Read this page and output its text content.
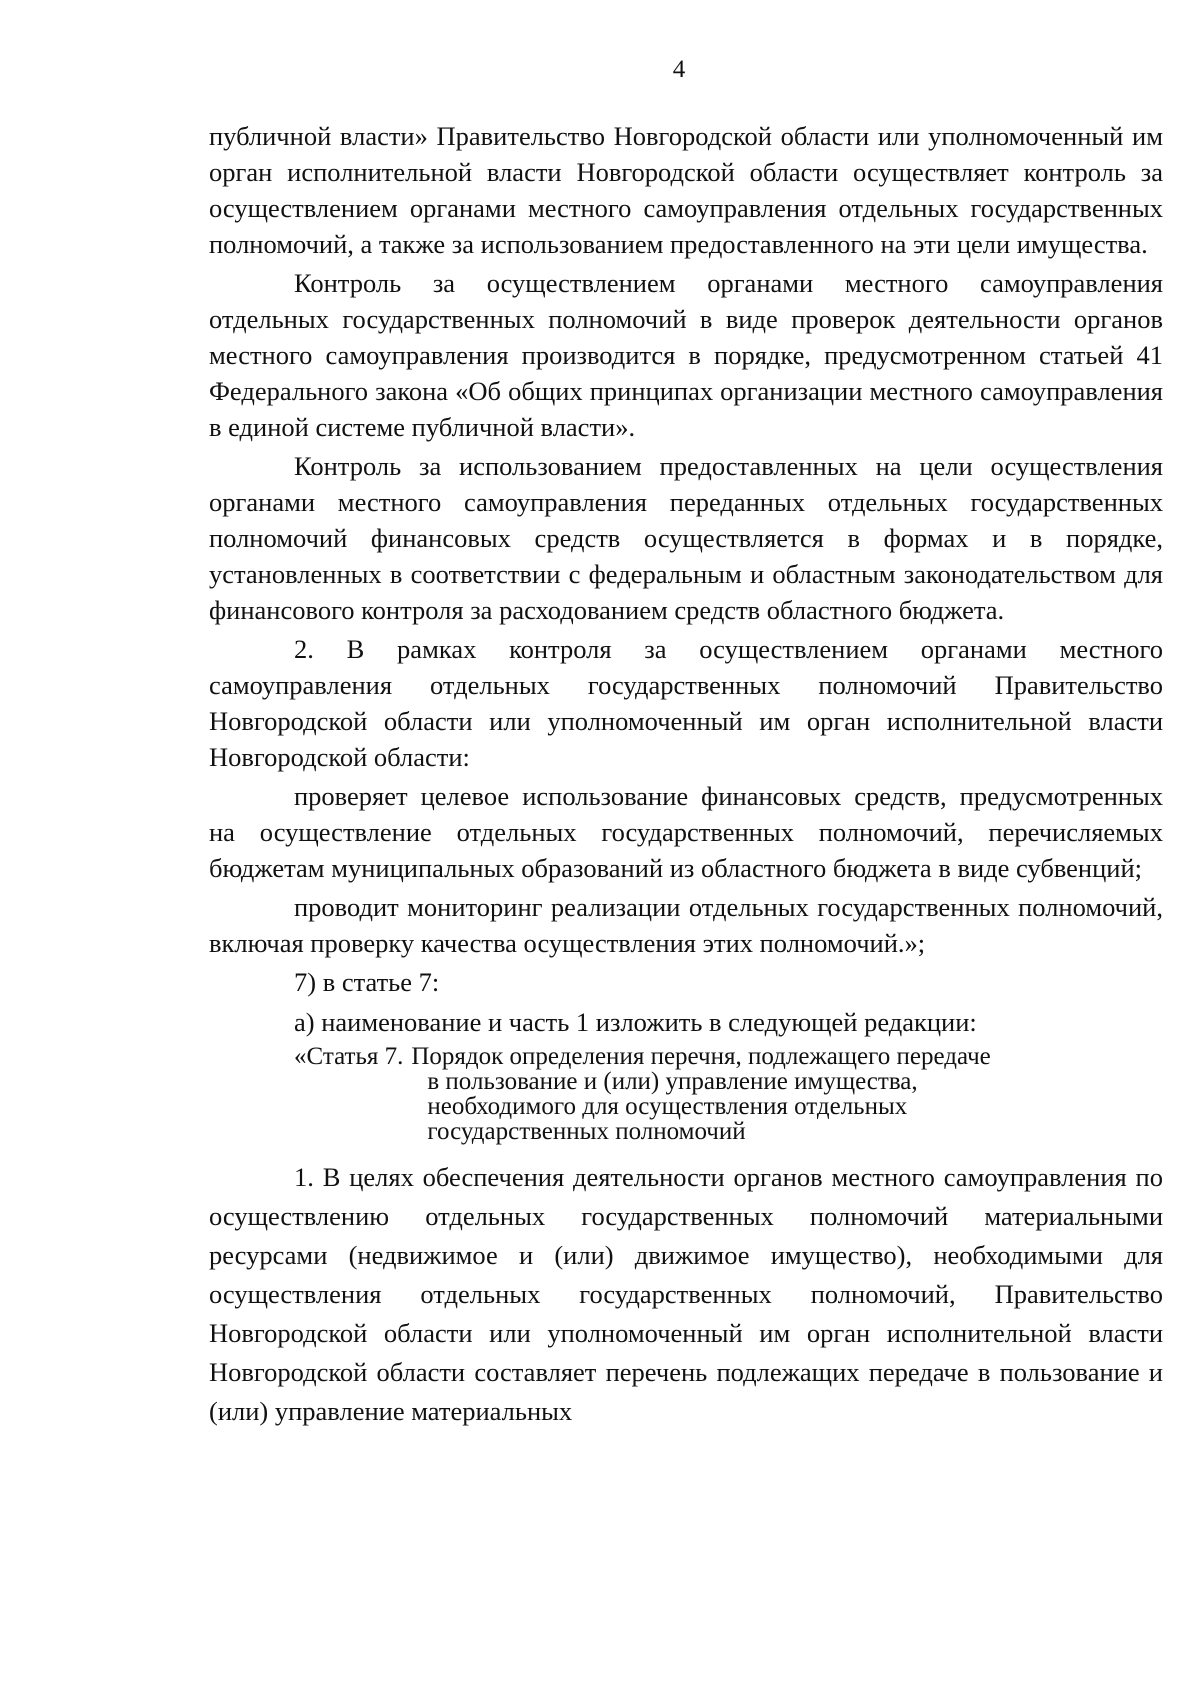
4

публичной власти» Правительство Новгородской области или уполномоченный им орган исполнительной власти Новгородской области осуществляет контроль за осуществлением органами местного самоуправления отдельных государственных полномочий, а также за использованием предоставленного на эти цели имущества.

Контроль за осуществлением органами местного самоуправления отдельных государственных полномочий в виде проверок деятельности органов местного самоуправления производится в порядке, предусмотренном статьей 41 Федерального закона «Об общих принципах организации местного самоуправления в единой системе публичной власти».

Контроль за использованием предоставленных на цели осуществления органами местного самоуправления переданных отдельных государственных полномочий финансовых средств осуществляется в формах и в порядке, установленных в соответствии с федеральным и областным законодательством для финансового контроля за расходованием средств областного бюджета.

2. В рамках контроля за осуществлением органами местного самоуправления отдельных государственных полномочий Правительство Новгородской области или уполномоченный им орган исполнительной власти Новгородской области:

проверяет целевое использование финансовых средств, предусмотренных на осуществление отдельных государственных полномочий, перечисляемых бюджетам муниципальных образований из областного бюджета в виде субвенций;

проводит мониторинг реализации отдельных государственных полномочий, включая проверку качества осуществления этих полномочий.»;

7) в статье 7:

а) наименование и часть 1 изложить в следующей редакции:

«Статья 7. Порядок определения перечня, подлежащего передаче
в пользование и (или) управление имущества,
необходимого для осуществления отдельных
государственных полномочий

1. В целях обеспечения деятельности органов местного самоуправления по осуществлению отдельных государственных полномочий материальными ресурсами (недвижимое и (или) движимое имущество), необходимыми для осуществления отдельных государственных полномочий, Правительство Новгородской области или уполномоченный им орган исполнительной власти Новгородской области составляет перечень подлежащих передаче в пользование и (или) управление материальных
